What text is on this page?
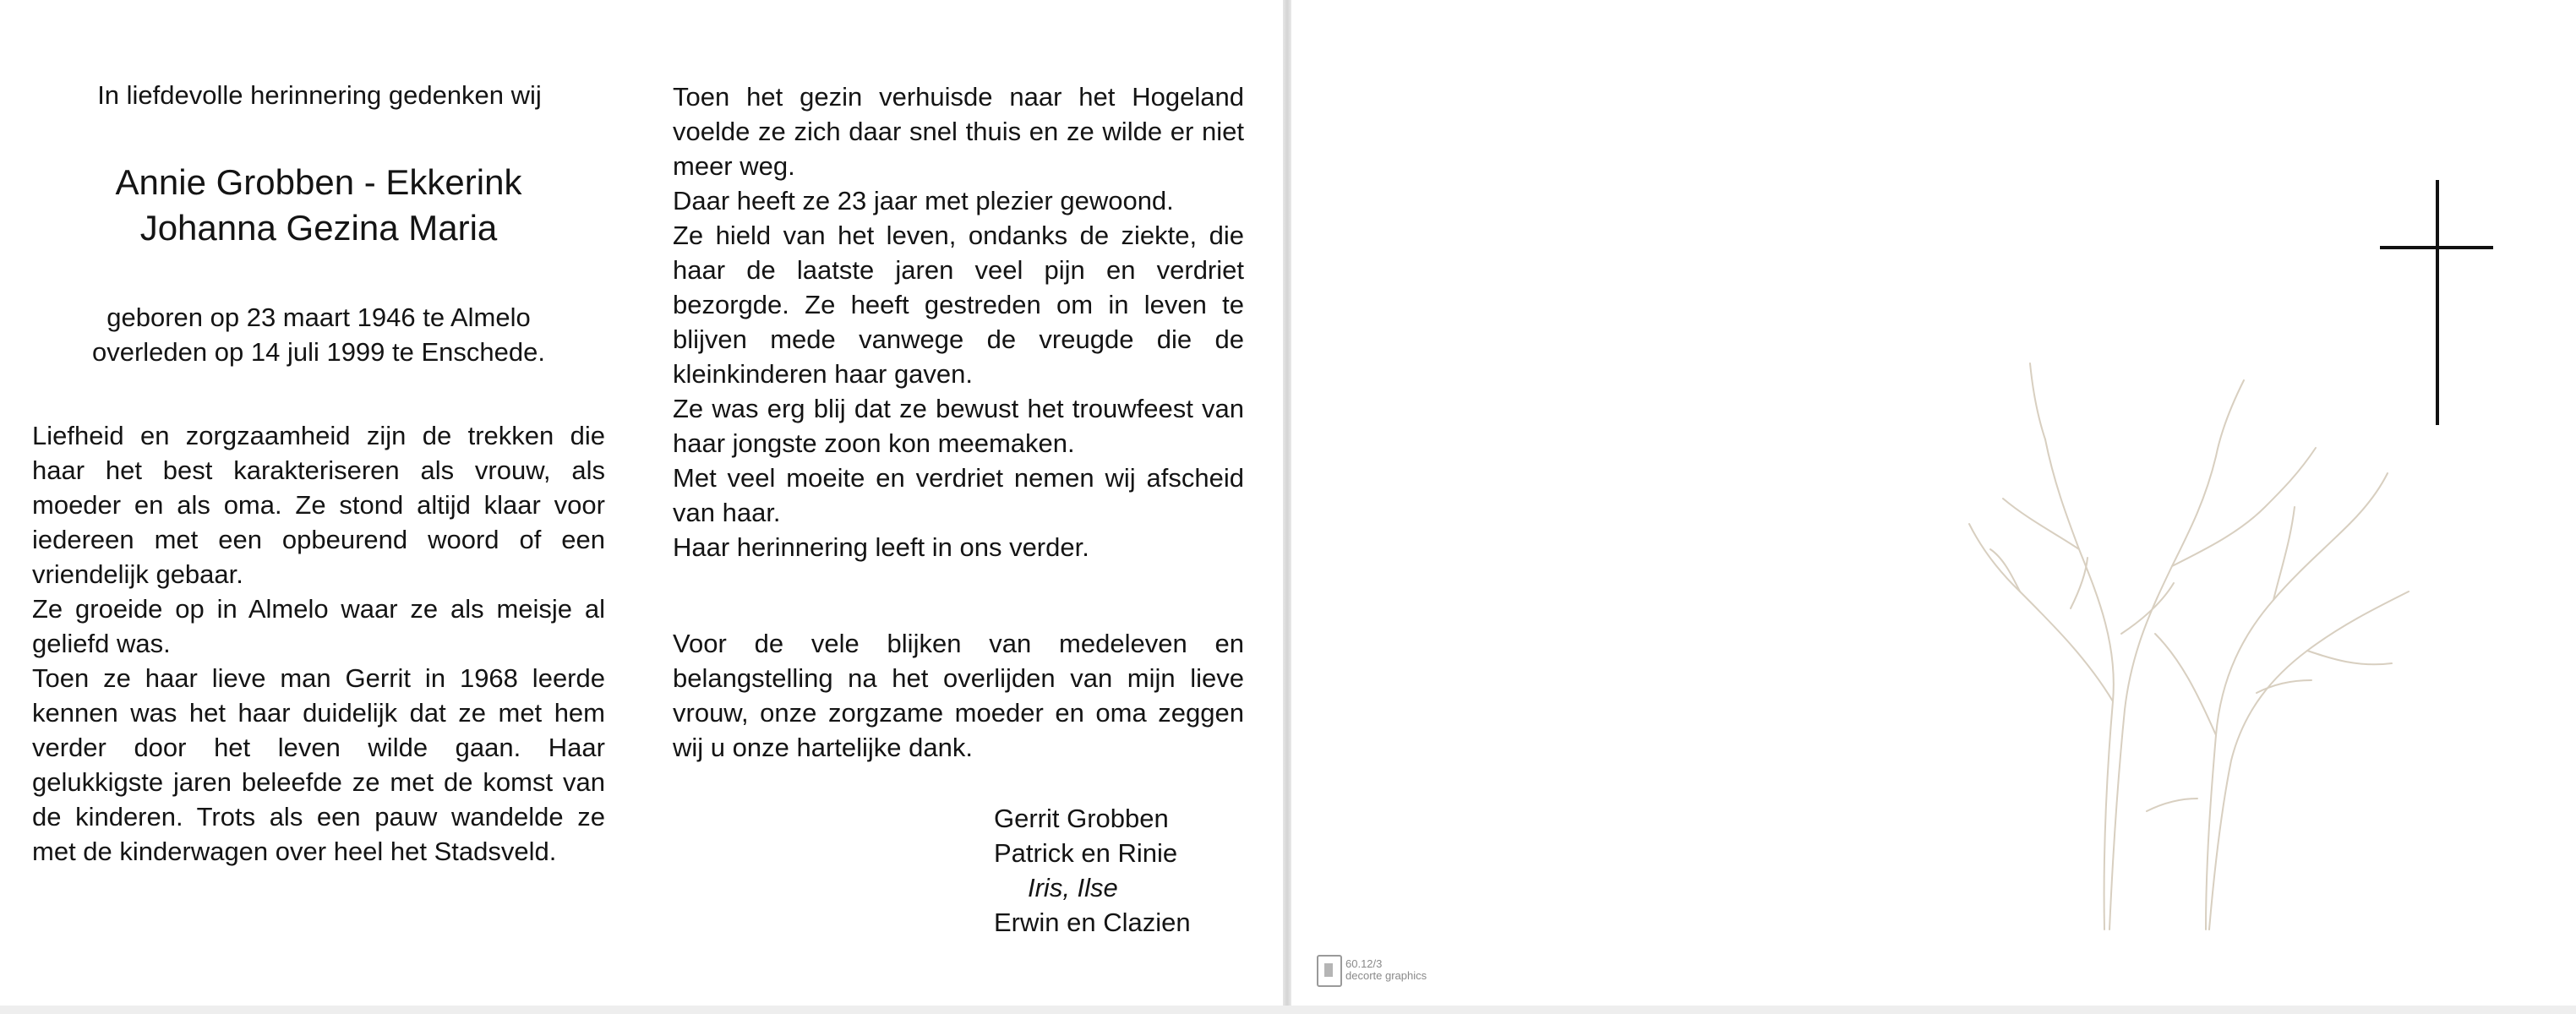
In liefdevolle herinnering gedenken wij

Annie Grobben - Ekkerink
Johanna Gezina Maria
geboren op 23 maart 1946 te Almelo
overleden op 14 juli 1999 te Enschede.

Liefheid en zorgzaamheid zijn de trekken die haar het best karakteriseren als vrouw, als moeder en als oma. Ze stond altijd klaar voor iedereen met een opbeurend woord of een vriendelijk gebaar.

Ze groeide op in Almelo waar ze als meisje al geliefd was.

Toen ze haar lieve man Gerrit in 1968 leerde kennen was het haar duidelijk dat ze met hem verder door het leven wilde gaan. Haar gelukkigste jaren beleefde ze met de komst van de kinderen. Trots als een pauw wandelde ze met de kinderwagen over heel het Stadsveld.

Toen het gezin verhuisde naar het Hogeland voelde ze zich daar snel thuis en ze wilde er niet meer weg.

Daar heeft ze 23 jaar met plezier gewoond.

Ze hield van het leven, ondanks de ziekte, die haar de laatste jaren veel pijn en verdriet bezorgde. Ze heeft gestreden om in leven te blijven mede vanwege de vreugde die de kleinkinderen haar gaven.

Ze was erg blij dat ze bewust het trouwfeest van haar jongste zoon kon meemaken.

Met veel moeite en verdriet nemen wij afscheid van haar.

Haar herinnering leeft in ons verder.

Voor de vele blijken van medeleven en belangstelling na het overlijden van mijn lieve vrouw, onze zorgzame moeder en oma zeggen wij u onze hartelijke dank.

Gerrit Grobben
Patrick en Rinie
Iris, Ilse
Erwin en Clazien
60.12/3
decorte graphics
